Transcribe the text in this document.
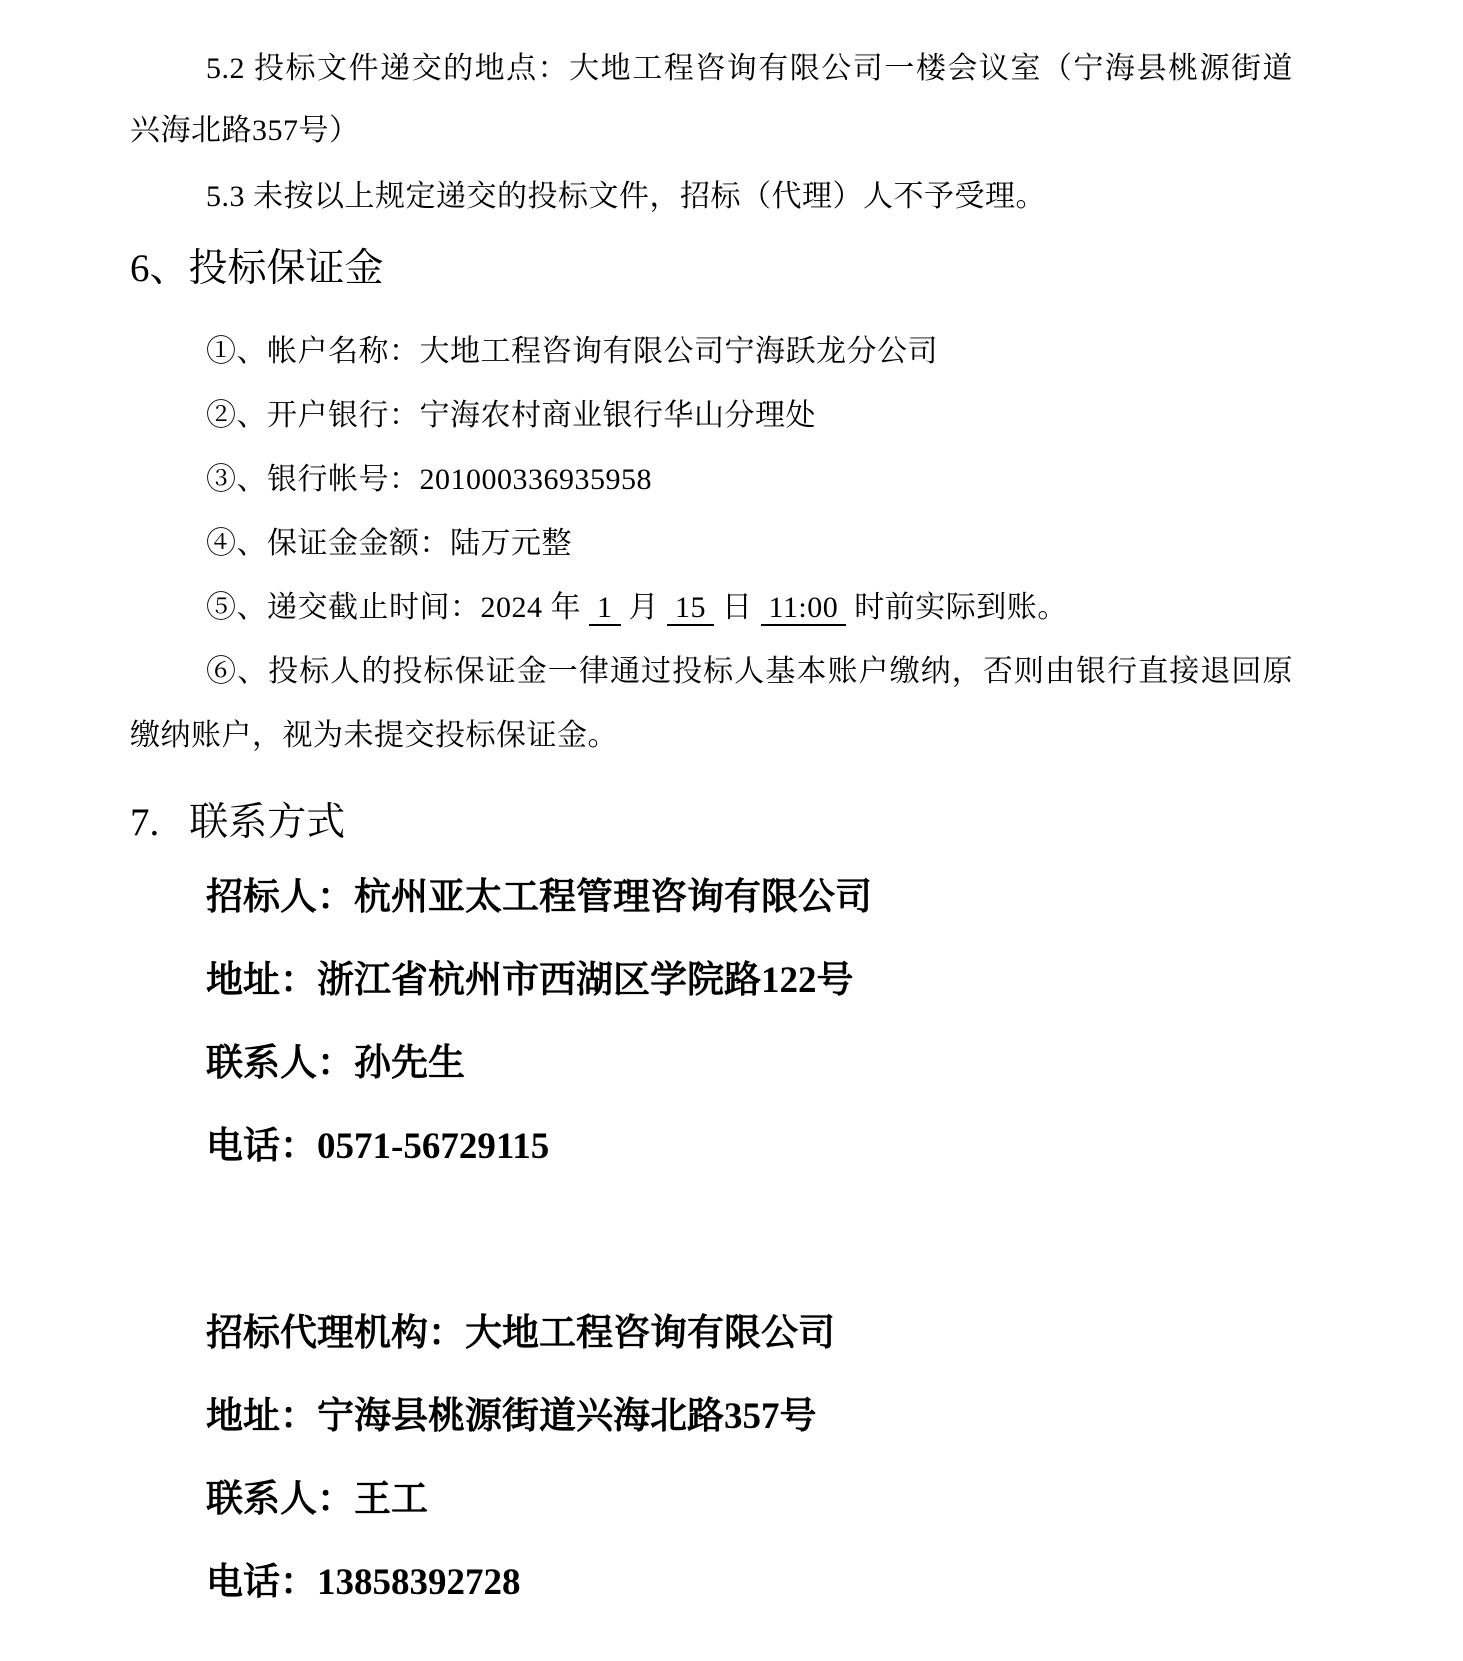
5.2 投标文件递交的地点：大地工程咨询有限公司一楼会议室（宁海县桃源街道
兴海北路357号）
5.3 未按以上规定递交的投标文件，招标（代理）人不予受理。
6、投标保证金
①、帐户名称：大地工程咨询有限公司宁海跃龙分公司
②、开户银行：宁海农村商业银行华山分理处
③、银行帐号：201000336935958
④、保证金金额：陆万元整
⑤、递交截止时间：2024 年 1 月 15 日 11:00 时前实际到账。
⑥、投标人的投标保证金一律通过投标人基本账户缴纳，否则由银行直接退回原
缴纳账户，视为未提交投标保证金。
7. 联系方式
招标人：杭州亚太工程管理咨询有限公司
地址：浙江省杭州市西湖区学院路122号
联系人：孙先生
电话：0571-56729115
招标代理机构：大地工程咨询有限公司
地址：宁海县桃源街道兴海北路357号
联系人：王工
电话：13858392728
